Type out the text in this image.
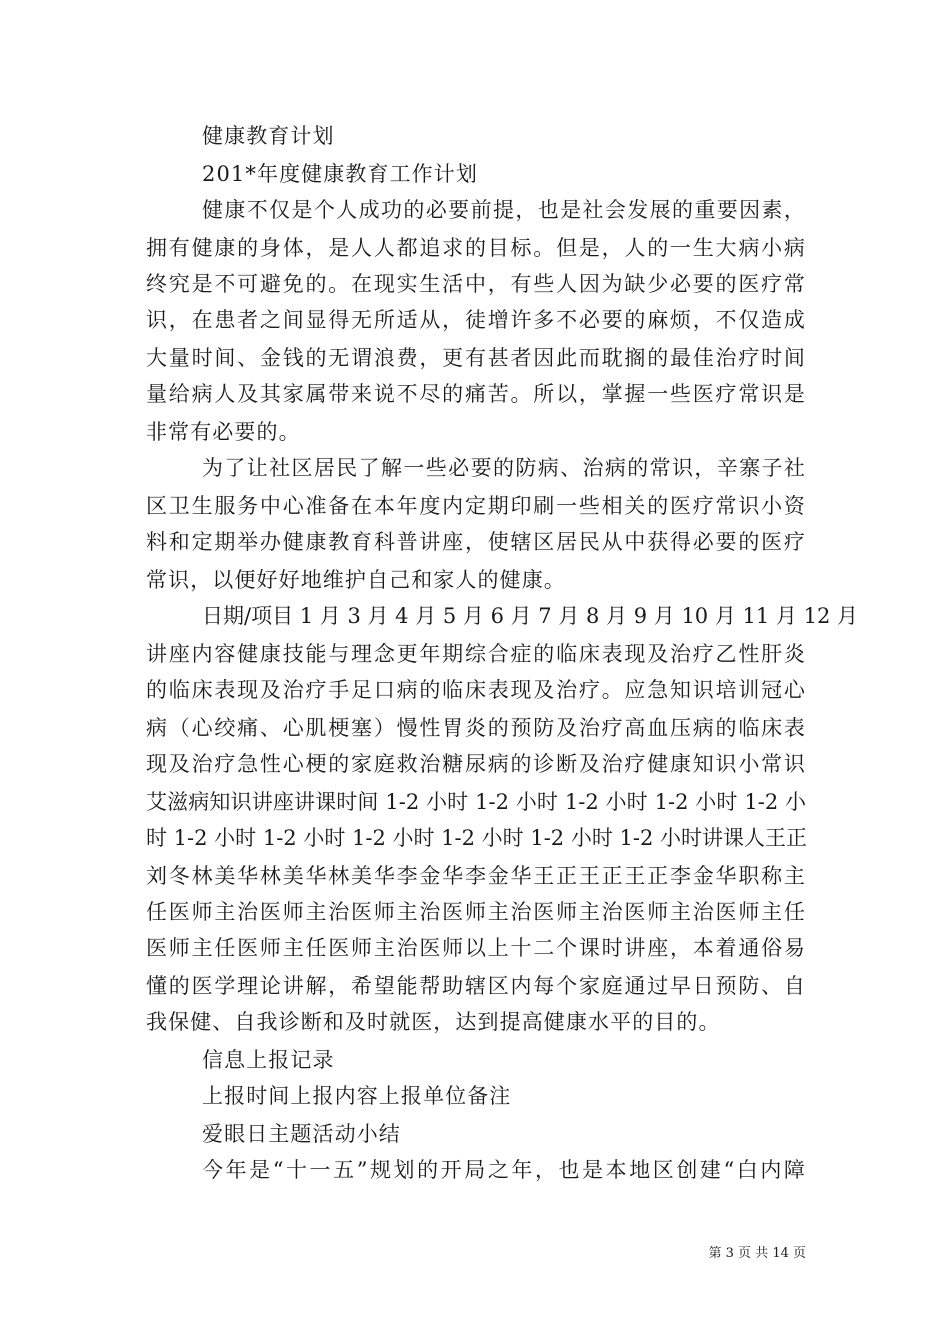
健康教育计划
201*年度健康教育工作计划
健康不仅是个人成功的必要前提，也是社会发展的重要因素，
拥有健康的身体，是人人都追求的目标。但是，人的一生大病小病
终究是不可避免的。在现实生活中，有些人因为缺少必要的医疗常
识，在患者之间显得无所适从，徒增许多不必要的麻烦，不仅造成
大量时间、金钱的无谓浪费，更有甚者因此而耽搁的最佳治疗时间
量给病人及其家属带来说不尽的痛苦。所以，掌握一些医疗常识是
非常有必要的。
为了让社区居民了解一些必要的防病、治病的常识，辛寨子社
区卫生服务中心准备在本年度内定期印刷一些相关的医疗常识小资
料和定期举办健康教育科普讲座，使辖区居民从中获得必要的医疗
常识，以便好好地维护自己和家人的健康。
日期/项目 1 月 3 月 4 月 5 月 6 月 7 月 8 月 9 月 10 月 11 月 12 月
讲座内容健康技能与理念更年期综合症的临床表现及治疗乙性肝炎
的临床表现及治疗手足口病的临床表现及治疗。应急知识培训冠心
病（心绞痛、心肌梗塞）慢性胃炎的预防及治疗高血压病的临床表
现及治疗急性心梗的家庭救治糖尿病的诊断及治疗健康知识小常识
艾滋病知识讲座讲课时间 1-2 小时 1-2 小时 1-2 小时 1-2 小时 1-2 小
时 1-2 小时 1-2 小时 1-2 小时 1-2 小时 1-2 小时 1-2 小时讲课人王正
刘冬林美华林美华林美华李金华李金华王正王正王正李金华职称主
任医师主治医师主治医师主治医师主治医师主治医师主治医师主任
医师主任医师主任医师主治医师以上十二个课时讲座，本着通俗易
懂的医学理论讲解，希望能帮助辖区内每个家庭通过早日预防、自
我保健、自我诊断和及时就医，达到提高健康水平的目的。
信息上报记录
上报时间上报内容上报单位备注
爱眼日主题活动小结
今年是“十一五”规划的开局之年，也是本地区创建“白内障
第 3 页 共 14 页
